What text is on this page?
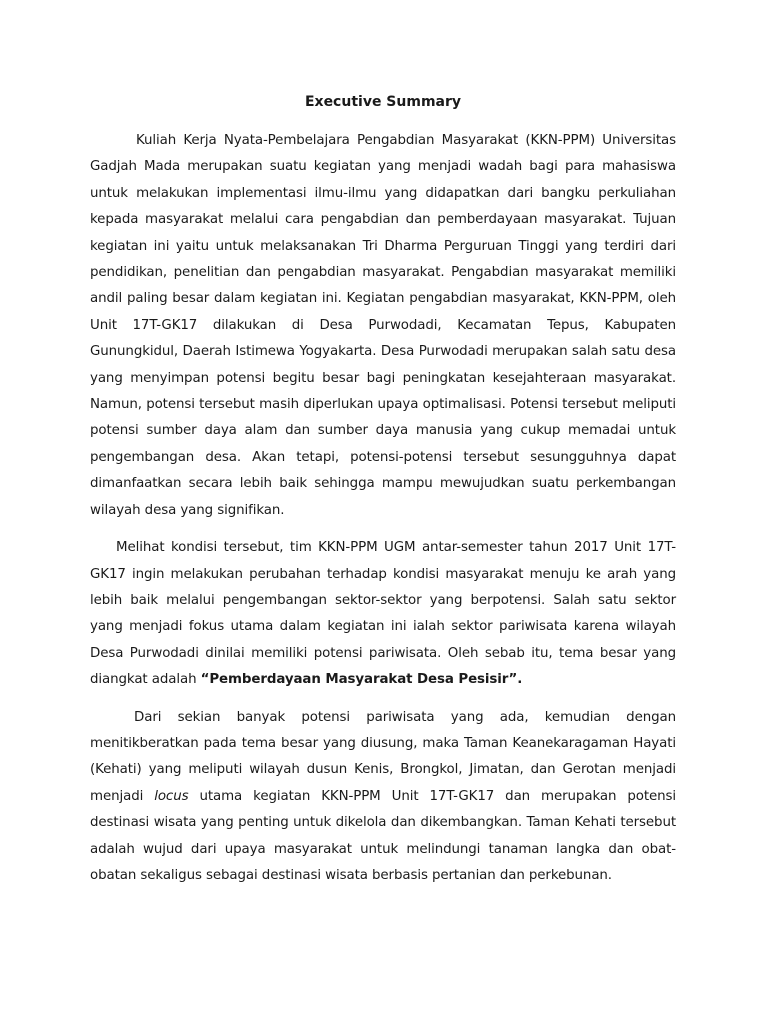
Executive Summary

Kuliah Kerja Nyata-Pembelajara Pengabdian Masyarakat (KKN-PPM) Universitas Gadjah Mada merupakan suatu kegiatan yang menjadi wadah bagi para mahasiswa untuk melakukan implementasi ilmu-ilmu yang didapatkan dari bangku perkuliahan kepada masyarakat melalui cara pengabdian dan pemberdayaan masyarakat. Tujuan kegiatan ini yaitu untuk melaksanakan Tri Dharma Perguruan Tinggi yang terdiri dari pendidikan, penelitian dan pengabdian masyarakat. Pengabdian masyarakat memiliki andil paling besar dalam kegiatan ini. Kegiatan pengabdian masyarakat, KKN-PPM, oleh Unit 17T-GK17 dilakukan di Desa Purwodadi, Kecamatan Tepus, Kabupaten Gunungkidul, Daerah Istimewa Yogyakarta. Desa Purwodadi merupakan salah satu desa yang menyimpan potensi begitu besar bagi peningkatan kesejahteraan masyarakat. Namun, potensi tersebut masih diperlukan upaya optimalisasi. Potensi tersebut meliputi potensi sumber daya alam dan sumber daya manusia yang cukup memadai untuk pengembangan desa. Akan tetapi, potensi-potensi tersebut sesungguhnya dapat dimanfaatkan secara lebih baik sehingga mampu mewujudkan suatu perkembangan wilayah desa yang signifikan.

Melihat kondisi tersebut, tim KKN-PPM UGM antar-semester tahun 2017 Unit 17T-GK17 ingin melakukan perubahan terhadap kondisi masyarakat menuju ke arah yang lebih baik melalui pengembangan sektor-sektor yang berpotensi. Salah satu sektor yang menjadi fokus utama dalam kegiatan ini ialah sektor pariwisata karena wilayah Desa Purwodadi dinilai memiliki potensi pariwisata. Oleh sebab itu, tema besar yang diangkat adalah “Pemberdayaan Masyarakat Desa Pesisir”.

Dari sekian banyak potensi pariwisata yang ada, kemudian dengan menitikberatkan pada tema besar yang diusung, maka Taman Keanekaragaman Hayati (Kehati) yang meliputi wilayah dusun Kenis, Brongkol, Jimatan, dan Gerotan menjadi menjadi locus utama kegiatan KKN-PPM Unit 17T-GK17 dan merupakan potensi destinasi wisata yang penting untuk dikelola dan dikembangkan. Taman Kehati tersebut adalah wujud dari upaya masyarakat untuk melindungi tanaman langka dan obat-obatan sekaligus sebagai destinasi wisata berbasis pertanian dan perkebunan.
